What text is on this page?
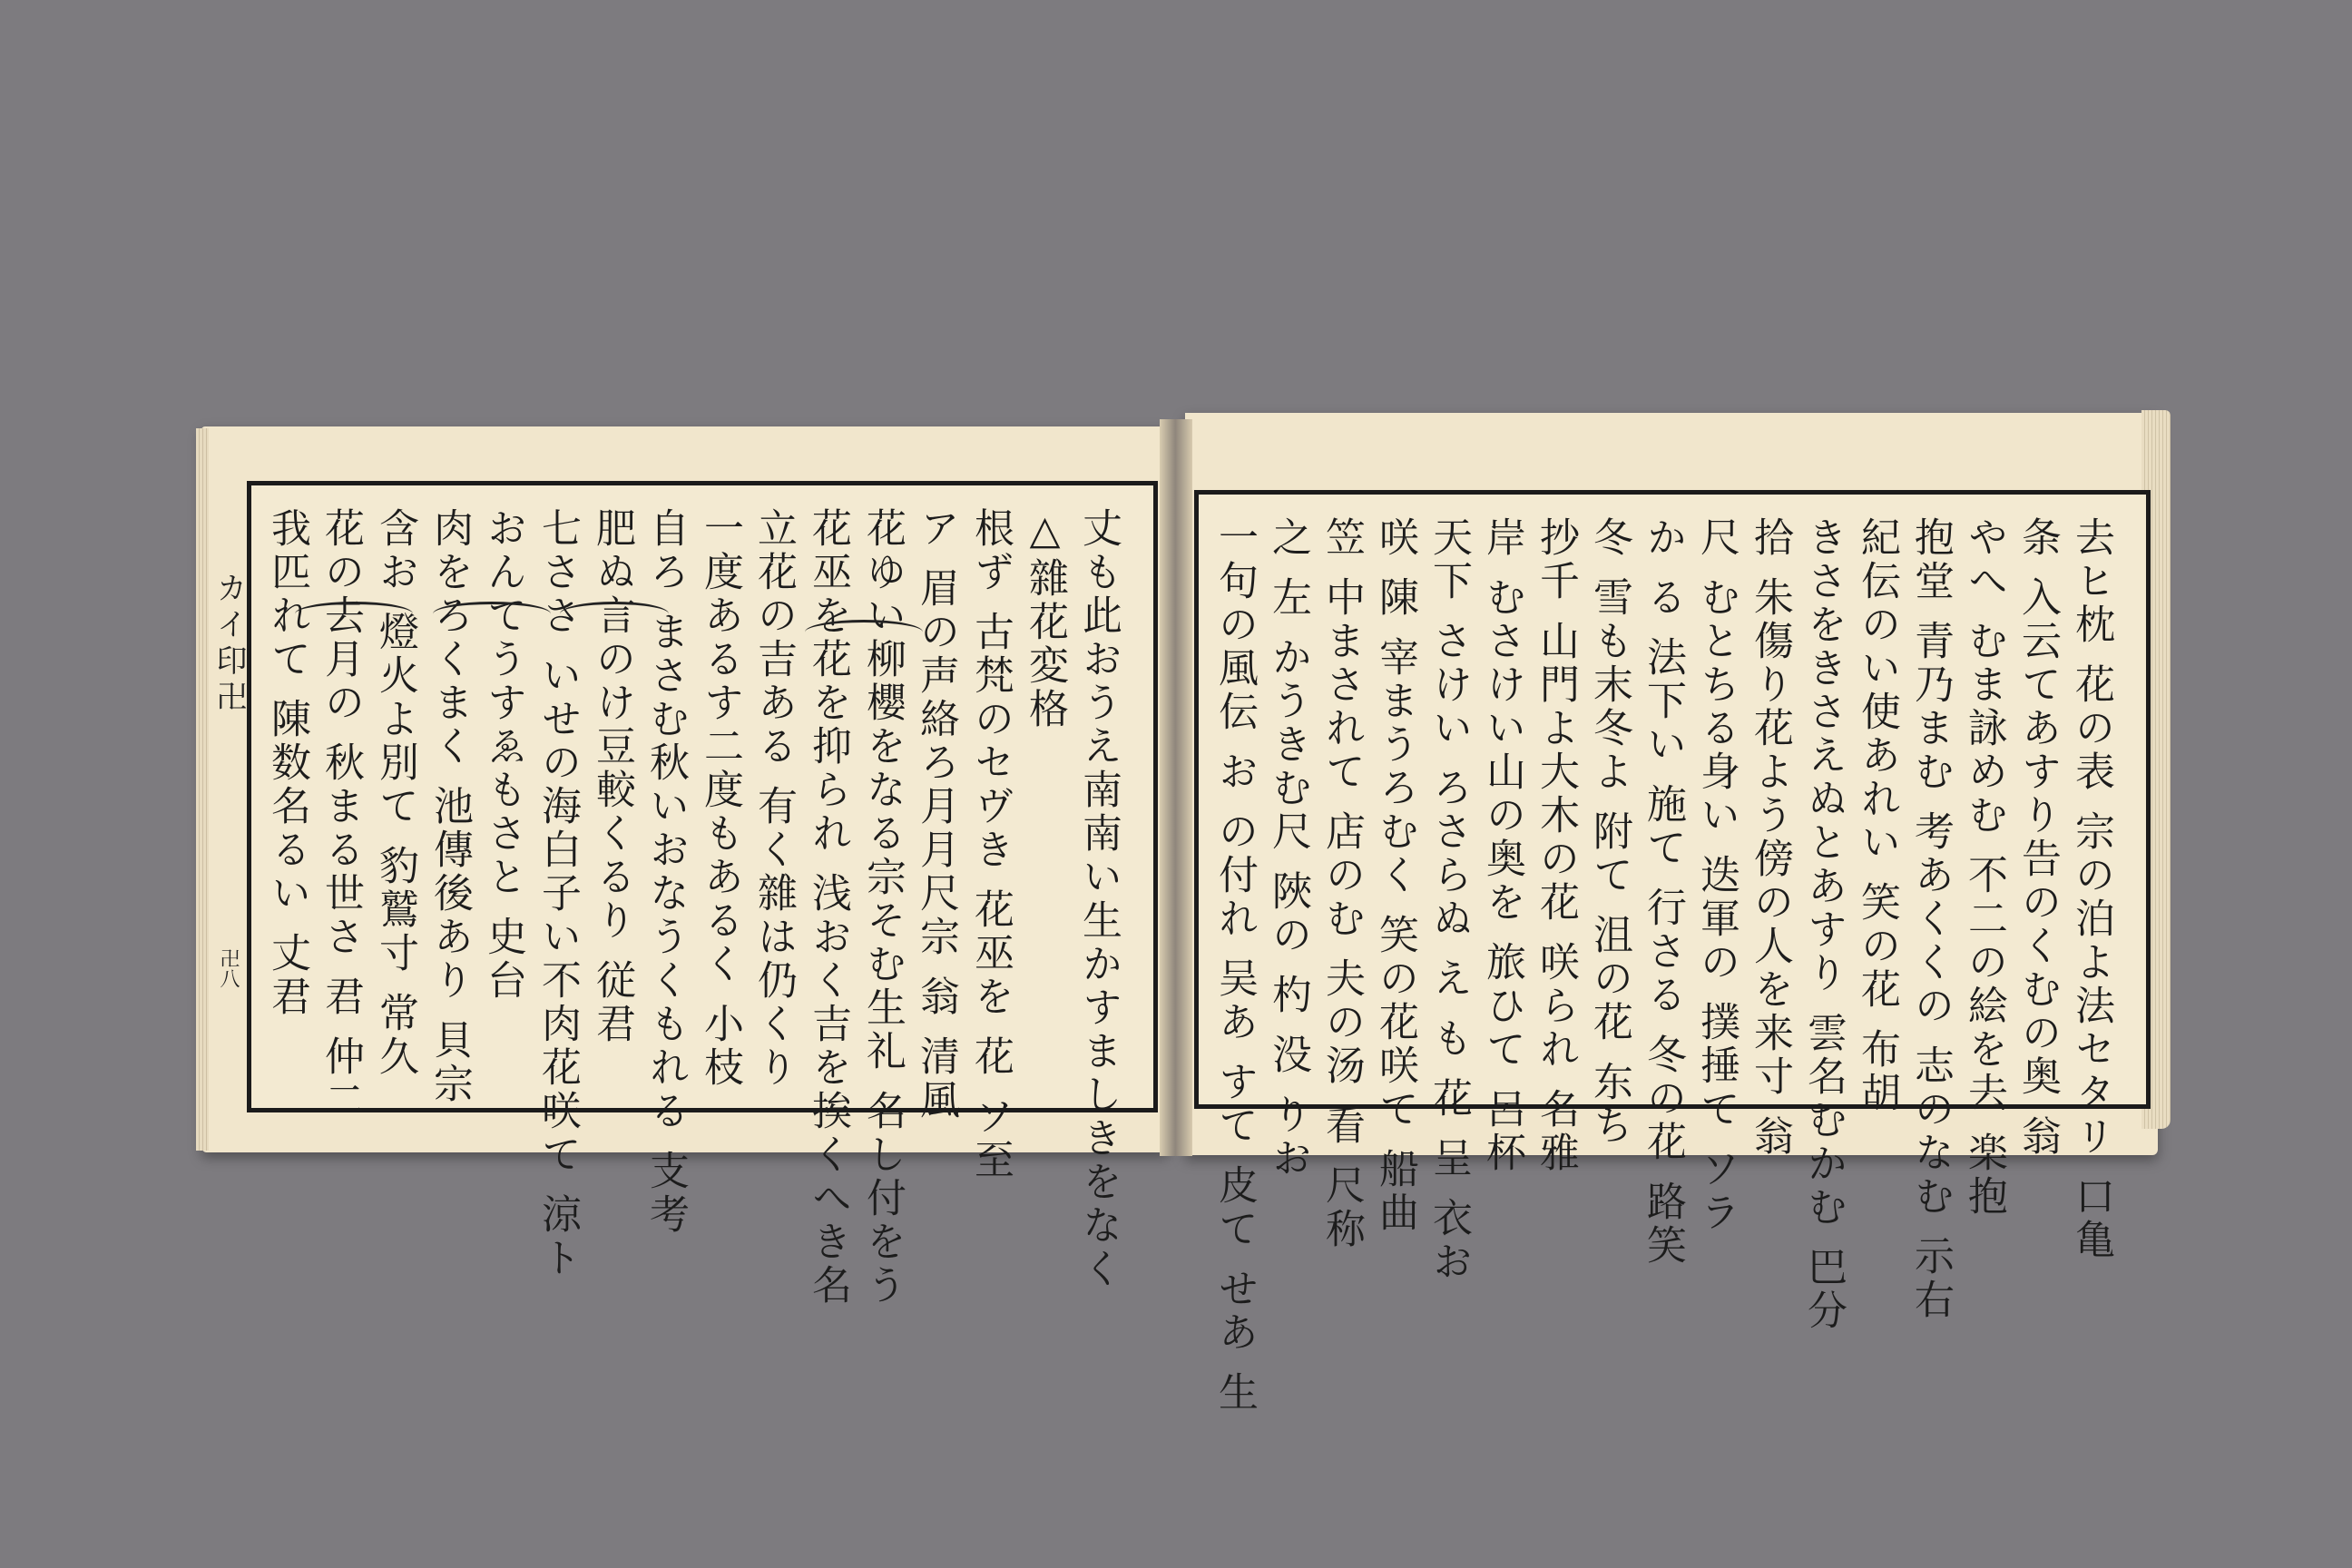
カイ印卍
卍八	丈も此おうえ南南い生かすましきをなく
△雜花変格
根ず 古梵のセヴき 花巫を 花 ソ至
ア 眉の声絡ろ月月尺宗 翁 清風
花ゆい柳櫻をなる宗そむ生礼 名し付をう
花巫を花を抑られ 浅おく吉を挨くへき名
立花の吉ある 有く雜は仍くり
一度あるす二度もあるく 小枝
自ろ まさむ秋いおなうくもれる 支考
肥ぬ言のけ豆較くるり 従君
七ささ いせの海白子い不肉花咲て 涼ト
おんてうすゑもさと 史台
肉をろくまく 池傳後あり 貝宗
含お 燈火よ別て 豹鷲寸 常久
花の去月の 秋まる世さ 君 仲二
我匹れて 陳数名るい 丈君	去ヒ枕 花の表 宗の泊よ法セタリ 口亀
条 入云てあすり告のくむの奥 翁
やへ むま詠めむ 不二の絵を去 楽抱
抱堂 青乃まむ 考あくくの 志のなむ 示右
紀伝のい使あれい 笑の花 布胡
きさをきさえぬとあすり 雲名むかむ 巴分
拾 朱傷り花よう傍の人を来寸 翁
尺 むとちる身い 迭軍の 撲捶て ソラ
か る 法下い 施て 行さる 冬の花 路笑
冬 雪も末冬よ 附て 沮の花 东ち
抄千 山門よ大木の花 咲られ 名雅
岸 むさけい山の奥を 旅ひて 呂杯
天下 さけい ろさらぬ え も 花 呈 衣お
咲 陳 宰まうろむく 笑の花咲て 船曲
笠 中まされて 店のむ 夫の汤 看 尺称
之 左 かうきむ尺 陜の 杓 没 りお
一句の風伝 お の付れ 吴あ すて 皮て せあ 生
